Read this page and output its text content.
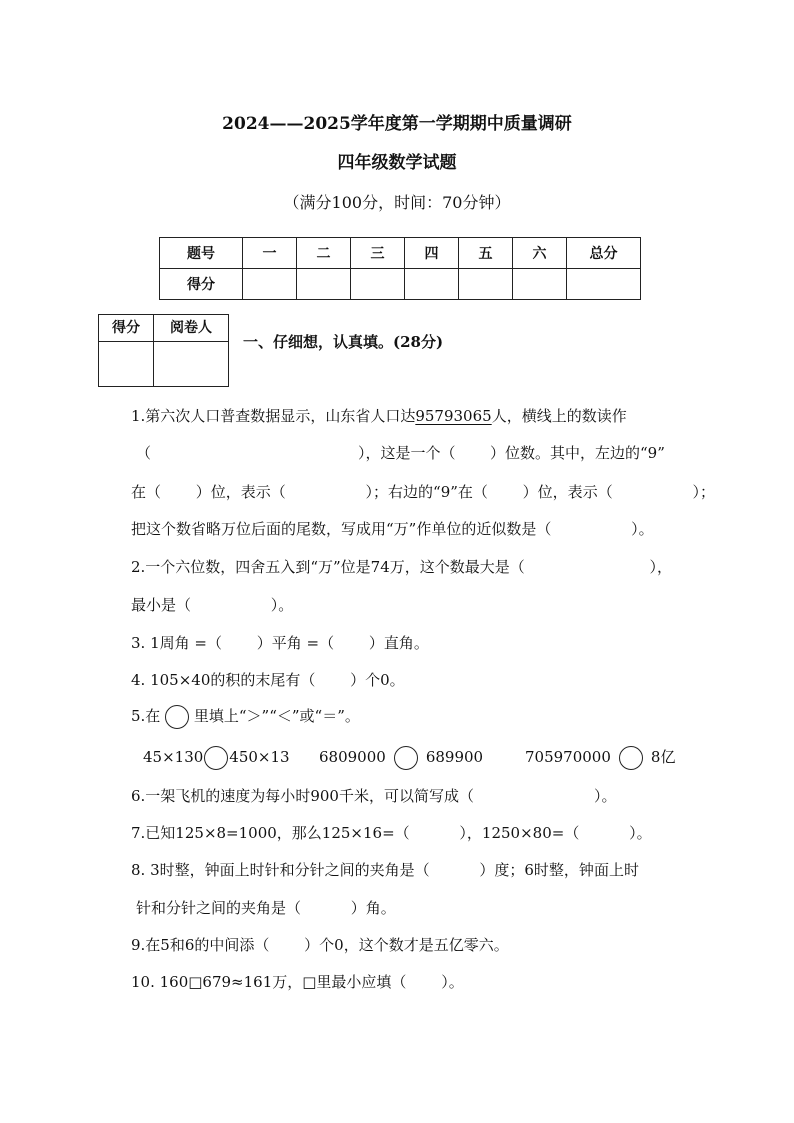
2024——2025学年度第一学期期中质量调研
四年级数学试题
（满分100分，时间：70分钟）
题号	一	二	三	四	五	六	总分
得分							
得分	阅卷人

一、仔细想，认真填。(28分)
1.第六次人口普查数据显示，山东省人口达95793065人，横线上的数读作
（	），这是一个（ ）位数。其中，左边的“9”
在（　　 ）位，表示（　　　　　 ）；右边的“9”在（　　 ）位，表示（　　　　　 ）；
把这个数省略万位后面的尾数，写成用“万”作单位的近似数是（　　　　　 ）。
2.一个六位数，四舍五入到“万”位是74万，这个数最大是（　　　　　　　　 ），
最小是（　　　　　 ）。
3. 1周角 =（　　 ）平角 =（　　 ）直角。
4. 105×40的积的末尾有（　　 ）个0。
5.在 里填上“＞”“＜”或“＝”。
45×130 450×13 6809000	689900	705970000	8亿
6.一架飞机的速度为每小时900千米，可以简写成（　　　　　　　　）。
7.已知125×8=1000，那么125×16=（　　　 ），1250×80=（　　　 ）。
8. 3时整，钟面上时针和分针之间的夹角是（　　　 ）度；6时整，钟面上时
针和分针之间的夹角是（　　　 ）角。
9.在5和6的中间添（　　 ）个0，这个数才是五亿零六。
10. 160□679≈161万，□里最小应填（　　 ）。
